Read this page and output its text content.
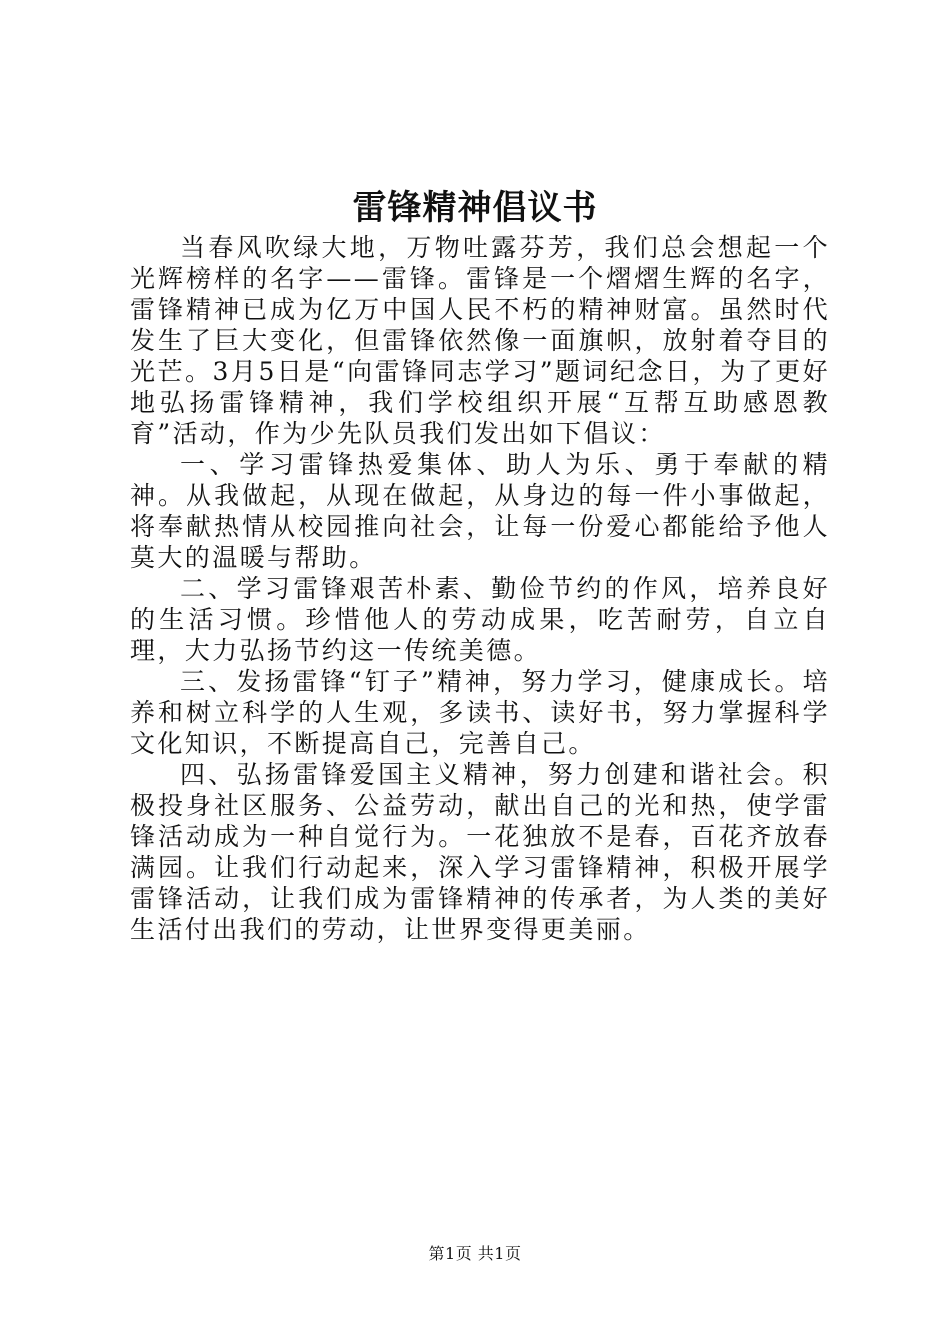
雷锋精神倡议书

当春风吹绿大地，万物吐露芬芳，我们总会想起一个光辉榜样的名字——雷锋。雷锋是一个熠熠生辉的名字，雷锋精神已成为亿万中国人民不朽的精神财富。虽然时代发生了巨大变化，但雷锋依然像一面旗帜，放射着夺目的光芒。3月5日是“向雷锋同志学习”题词纪念日，为了更好地弘扬雷锋精神，我们学校组织开展“互帮互助感恩教育”活动，作为少先队员我们发出如下倡议：

一、学习雷锋热爱集体、助人为乐、勇于奉献的精神。从我做起，从现在做起，从身边的每一件小事做起，将奉献热情从校园推向社会，让每一份爱心都能给予他人莫大的温暖与帮助。

二、学习雷锋艰苦朴素、勤俭节约的作风，培养良好的生活习惯。珍惜他人的劳动成果，吃苦耐劳，自立自理，大力弘扬节约这一传统美德。

三、发扬雷锋“钉子”精神，努力学习，健康成长。培养和树立科学的人生观，多读书、读好书，努力掌握科学文化知识，不断提高自己，完善自己。

四、弘扬雷锋爱国主义精神，努力创建和谐社会。积极投身社区服务、公益劳动，献出自己的光和热，使学雷锋活动成为一种自觉行为。一花独放不是春，百花齐放春满园。让我们行动起来，深入学习雷锋精神，积极开展学雷锋活动，让我们成为雷锋精神的传承者，为人类的美好生活付出我们的劳动，让世界变得更美丽。

第1页 共1页
